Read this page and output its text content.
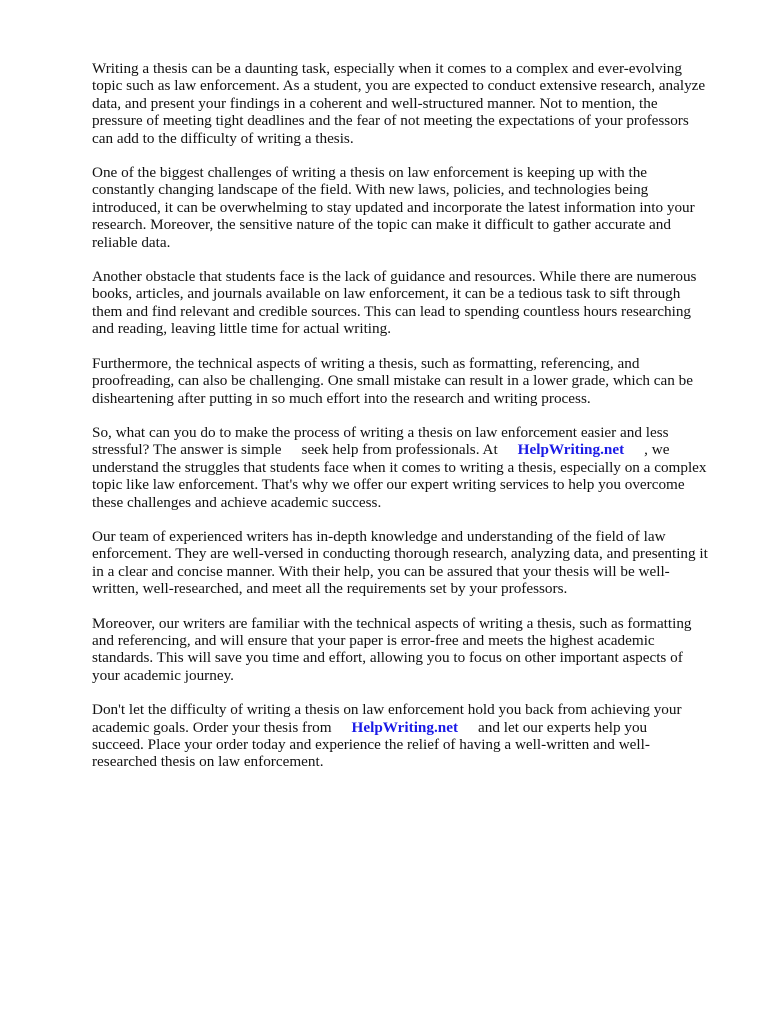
Writing a thesis can be a daunting task, especially when it comes to a complex and ever-evolving
topic such as law enforcement. As a student, you are expected to conduct extensive research, analyze
data, and present your findings in a coherent and well-structured manner. Not to mention, the
pressure of meeting tight deadlines and the fear of not meeting the expectations of your professors
can add to the difficulty of writing a thesis.
One of the biggest challenges of writing a thesis on law enforcement is keeping up with the
constantly changing landscape of the field. With new laws, policies, and technologies being
introduced, it can be overwhelming to stay updated and incorporate the latest information into your
research. Moreover, the sensitive nature of the topic can make it difficult to gather accurate and
reliable data.
Another obstacle that students face is the lack of guidance and resources. While there are numerous
books, articles, and journals available on law enforcement, it can be a tedious task to sift through
them and find relevant and credible sources. This can lead to spending countless hours researching
and reading, leaving little time for actual writing.
Furthermore, the technical aspects of writing a thesis, such as formatting, referencing, and
proofreading, can also be challenging. One small mistake can result in a lower grade, which can be
disheartening after putting in so much effort into the research and writing process.
So, what can you do to make the process of writing a thesis on law enforcement easier and less
stressful? The answer is simple seek help from professionals. At HelpWriting.net , we
understand the struggles that students face when it comes to writing a thesis, especially on a complex
topic like law enforcement. That's why we offer our expert writing services to help you overcome
these challenges and achieve academic success.
Our team of experienced writers has in-depth knowledge and understanding of the field of law
enforcement. They are well-versed in conducting thorough research, analyzing data, and presenting it
in a clear and concise manner. With their help, you can be assured that your thesis will be well-
written, well-researched, and meet all the requirements set by your professors.
Moreover, our writers are familiar with the technical aspects of writing a thesis, such as formatting
and referencing, and will ensure that your paper is error-free and meets the highest academic
standards. This will save you time and effort, allowing you to focus on other important aspects of
your academic journey.
Don't let the difficulty of writing a thesis on law enforcement hold you back from achieving your
academic goals. Order your thesis from HelpWriting.net and let our experts help you
succeed. Place your order today and experience the relief of having a well-written and well-
researched thesis on law enforcement.
